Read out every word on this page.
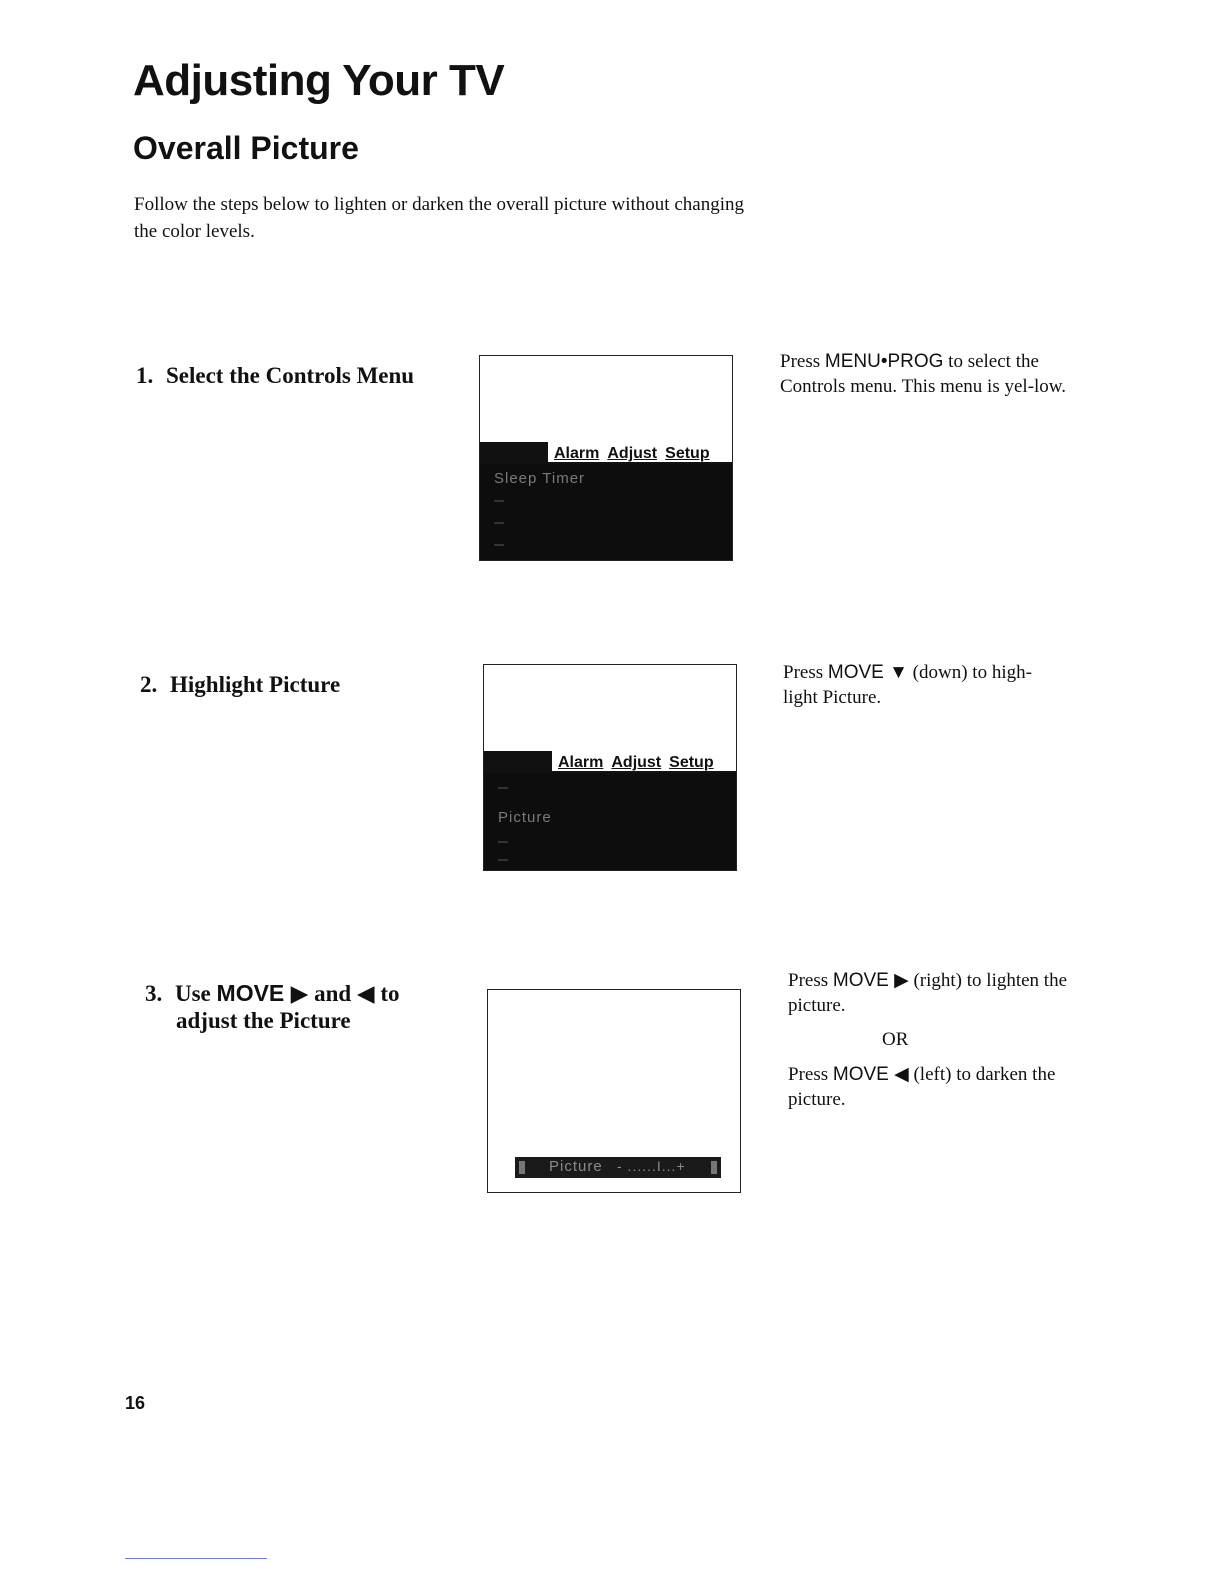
Adjusting Your TV
Overall Picture

Follow the steps below to lighten or darken the overall picture without changing the color levels.

1. Select the Controls Menu
Alarm Adjust Setup
Sleep Timer
Press MENU•PROG to select the Controls menu. This menu is yel-low.
2. Highlight Picture
Alarm Adjust Setup
Picture
Press MOVE ▼ (down) to high-light Picture.
3. Use MOVE ▶ and ◀ to
adjust the Picture
Picture - ......I...+

Press MOVE ▶ (right) to lighten the picture.

OR

Press MOVE ◀ (left) to darken the picture.

16
